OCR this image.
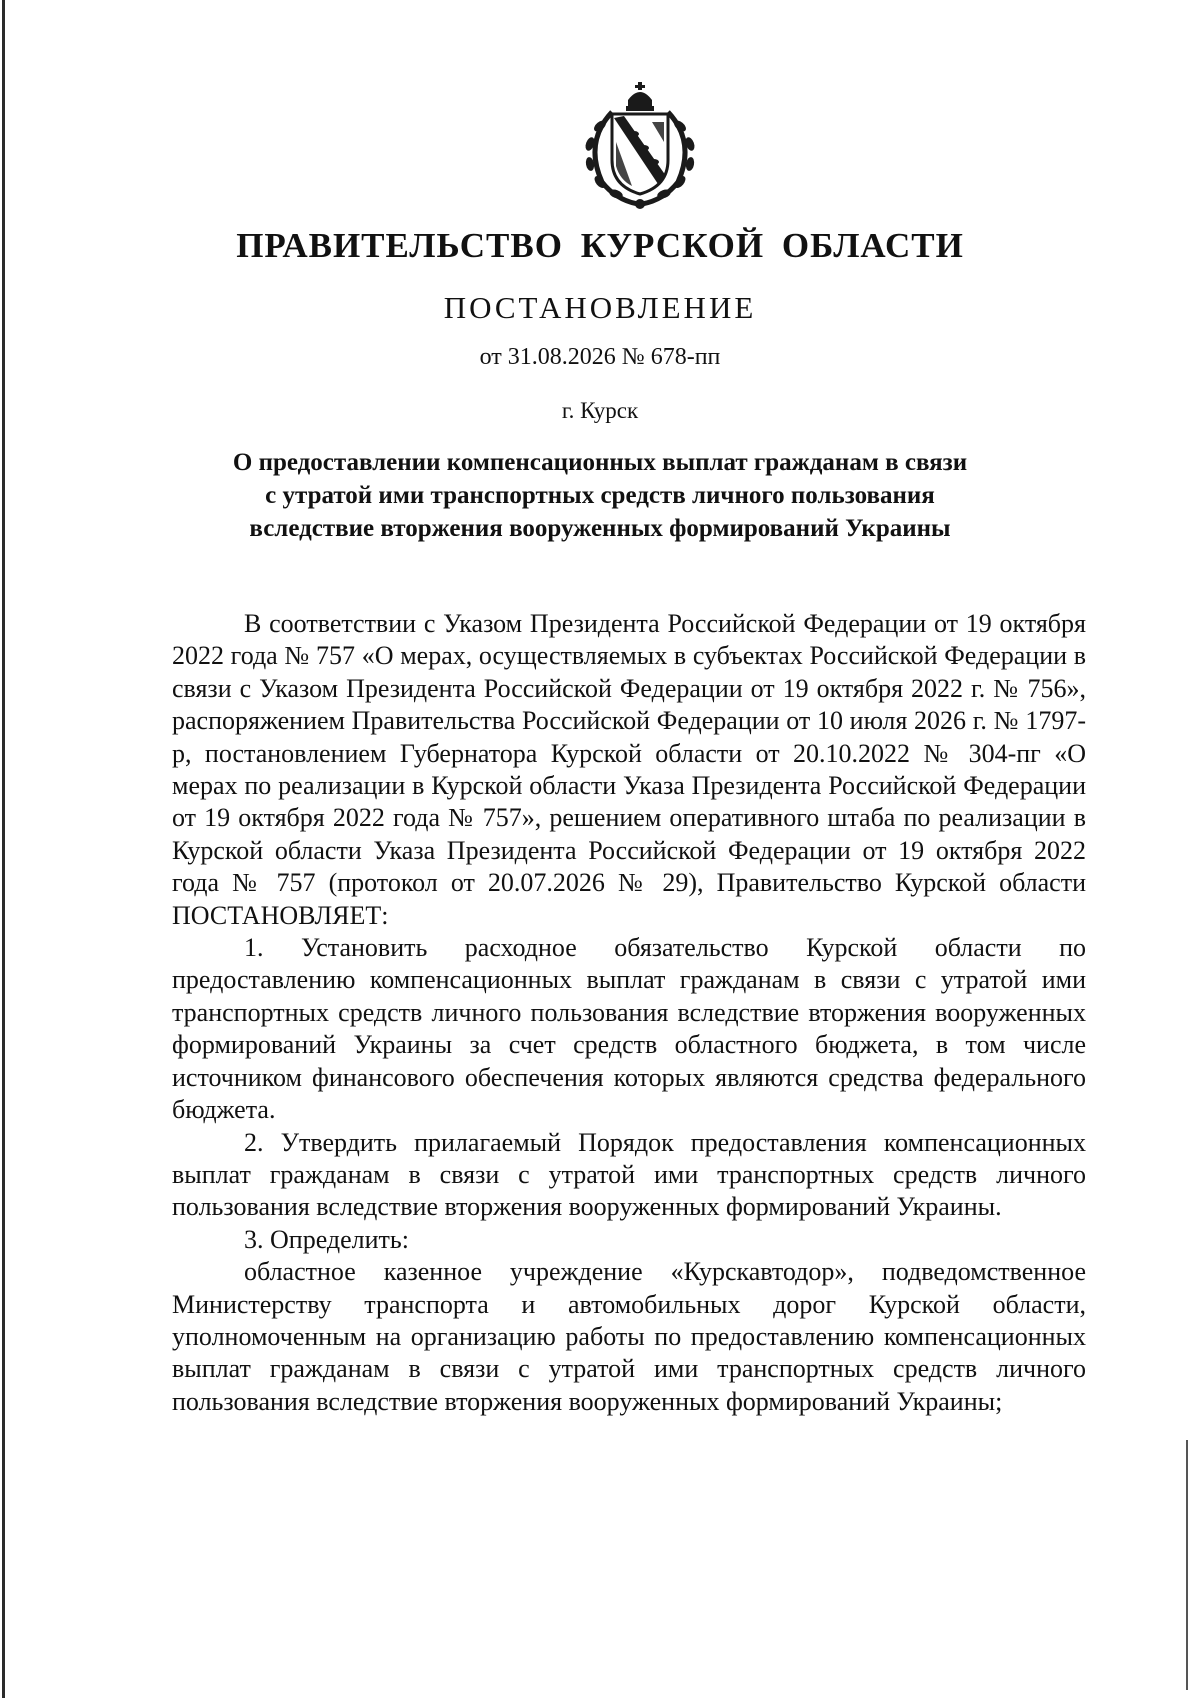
ПРАВИТЕЛЬСТВО КУРСКОЙ ОБЛАСТИ
ПОСТАНОВЛЕНИЕ
от 31.08.2026 № 678-пп
г. Курск
О предоставлении компенсационных выплат гражданам в связи
с утратой ими транспортных средств личного пользования
вследствие вторжения вооруженных формирований Украины

В соответствии с Указом Президента Российской Федерации от 19 октября 2022 года № 757 «О мерах, осуществляемых в субъектах Российской Федерации в связи с Указом Президента Российской Федерации от 19 октября 2022 г. № 756», распоряжением Правительства Российской Федерации от 10 июля 2026 г. № 1797-р, постановлением Губернатора Курской области от 20.10.2022 № 304-пг «О мерах по реализации в Курской области Указа Президента Российской Федерации от 19 октября 2022 года № 757», решением оперативного штаба по реализации в Курской области Указа Президента Российской Федерации от 19 октября 2022 года № 757 (протокол от 20.07.2026 № 29), Правительство Курской области ПОСТАНОВЛЯЕТ:

1. Установить расходное обязательство Курской области по предоставлению компенсационных выплат гражданам в связи с утратой ими транспортных средств личного пользования вследствие вторжения вооруженных формирований Украины за счет средств областного бюджета, в том числе источником финансового обеспечения которых являются средства федерального бюджета.

2. Утвердить прилагаемый Порядок предоставления компенсационных выплат гражданам в связи с утратой ими транспортных средств личного пользования вследствие вторжения вооруженных формирований Украины.

3. Определить:

областное казенное учреждение «Курскавтодор», подведомственное Министерству транспорта и автомобильных дорог Курской области, уполномоченным на организацию работы по предоставлению компенсационных выплат гражданам в связи с утратой ими транспортных средств личного пользования вследствие вторжения вооруженных формирований Украины;
